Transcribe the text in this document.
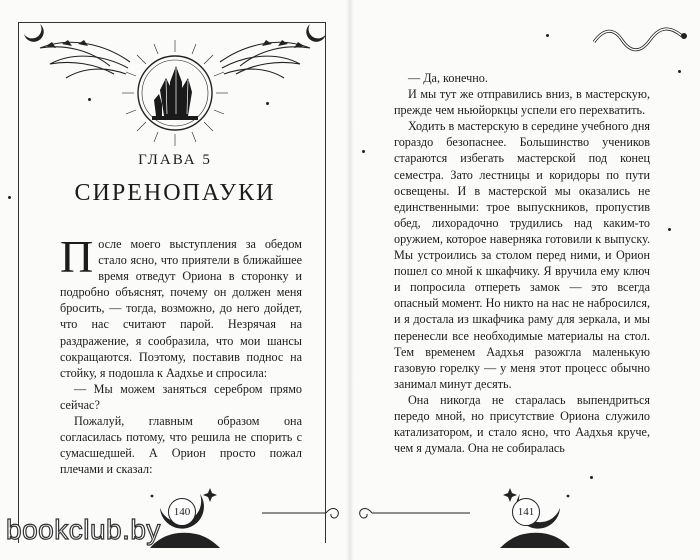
ГЛАВА 5
СИРЕНОПАУКИ

После моего выступления за обедом стало ясно, что приятели в ближайшее время отведут Ориона в сторонку и подробно объяснят, почему он должен меня бросить, — тогда, возможно, до него дойдет, что нас считают парой. Незрячая на раздражение, я сообразила, что мои шансы сокращаются. Поэтому, поставив поднос на стойку, я подошла к Аадхье и спросила:

— Мы можем заняться серебром прямо сейчас?

Пожалуй, главным образом она согласилась потому, что решила не спорить с сумасшедшей. А Орион просто пожал плечами и сказал:

140

— Да, конечно.

И мы тут же отправились вниз, в мастерскую, прежде чем ньюйоркцы успели его перехватить.

Ходить в мастерскую в середине учебного дня гораздо безопаснее. Большинство учеников стараются избегать мастерской под конец семестра. Зато лестницы и коридоры по пути освещены. И в мастерской мы оказались не единственными: трое выпускников, пропустив обед, лихорадочно трудились над каким-то оружием, которое наверняка готовили к выпуску. Мы устроились за столом перед ними, и Орион пошел со мной к шкафчику. Я вручила ему ключ и попросила отпереть замок — это всегда опасный момент. Но никто на нас не набросился, и я достала из шкафчика раму для зеркала, и мы перенесли все необходимые материалы на стол. Тем временем Аадхья разожгла маленькую газовую горелку — у меня этот процесс обычно занимал минут десять.

Она никогда не старалась выпендриться передо мной, но присутствие Ориона служило катализатором, и стало ясно, что Аадхья круче, чем я думала. Она не собиралась

141
bookclub.by
